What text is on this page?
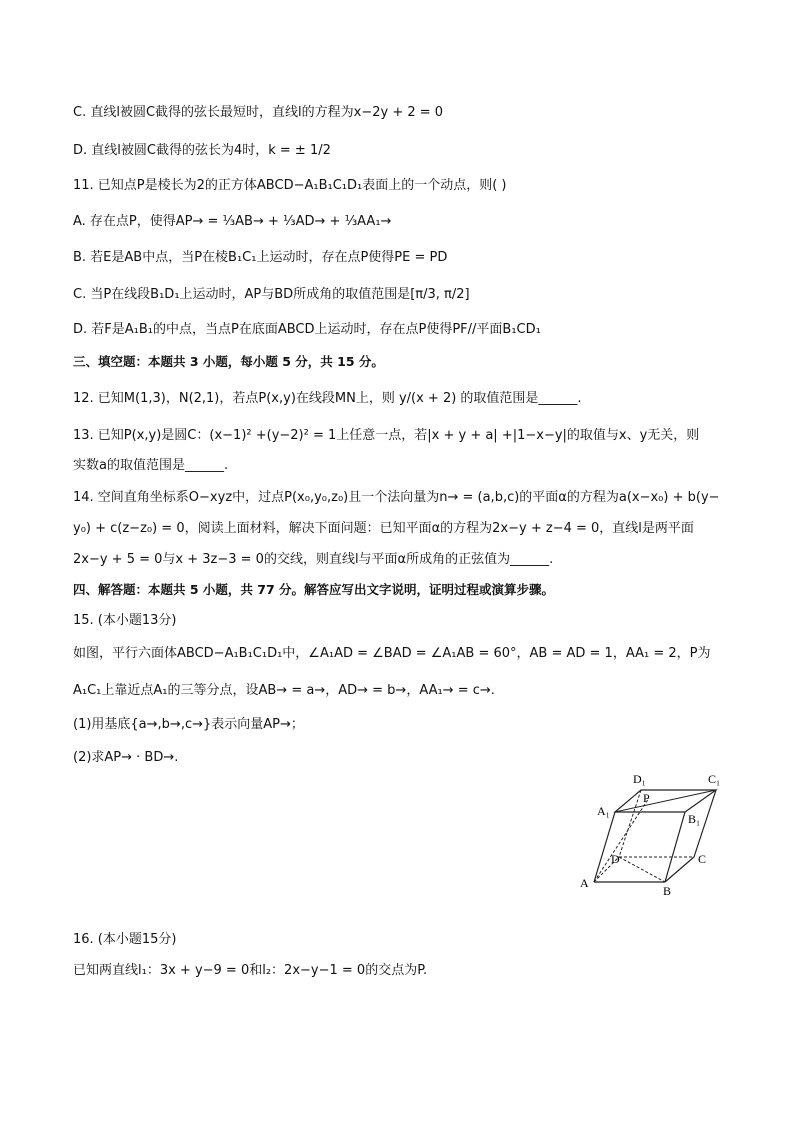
C. 直线l被圆C截得的弦长最短时，直线l的方程为x−2y + 2 = 0
D. 直线l被圆C截得的弦长为4时，k = ± 1/2
11. 已知点P是棱长为2的正方体ABCD−A₁B₁C₁D₁表面上的一个动点，则( )
A. 存在点P，使得AP→ = ⅓AB→ + ⅓AD→ + ⅓AA₁→
B. 若E是AB中点，当P在棱B₁C₁上运动时，存在点P使得PE = PD
C. 当P在线段B₁D₁上运动时，AP与BD所成角的取值范围是[π/3, π/2]
D. 若F是A₁B₁的中点，当点P在底面ABCD上运动时，存在点P使得PF//平面B₁CD₁
三、填空题：本题共 3 小题，每小题 5 分，共 15 分。
12. 已知M(1,3)，N(2,1)，若点P(x,y)在线段MN上，则 y/(x + 2) 的取值范围是______.
13. 已知P(x,y)是圆C：(x−1)² +(y−2)² = 1上任意一点，若|x + y + a| +|1−x−y|的取值与x、y无关，则
实数a的取值范围是______.
14. 空间直角坐标系O−xyz中，过点P(x₀,y₀,z₀)且一个法向量为n→ = (a,b,c)的平面α的方程为a(x−x₀) + b(y−
y₀) + c(z−z₀) = 0，阅读上面材料，解决下面问题：已知平面α的方程为2x−y + z−4 = 0，直线l是两平面
2x−y + 5 = 0与x + 3z−3 = 0的交线，则直线l与平面α所成角的正弦值为______.
四、解答题：本题共 5 小题，共 77 分。解答应写出文字说明，证明过程或演算步骤。
15. (本小题13分)
如图，平行六面体ABCD−A₁B₁C₁D₁中，∠A₁AD = ∠BAD = ∠A₁AB = 60°，AB = AD = 1，AA₁ = 2，P为
A₁C₁上靠近点A₁的三等分点，设AB→ = a→，AD→ = b→，AA₁→ = c→.
(1)用基底{a→,b→,c→}表示向量AP→；
(2)求AP→ · BD→.
16. (本小题15分)
已知两直线l₁：3x + y−9 = 0和l₂：2x−y−1 = 0的交点为P.
D₁	C₁
A₁
P
B₁
D	C
A
B
